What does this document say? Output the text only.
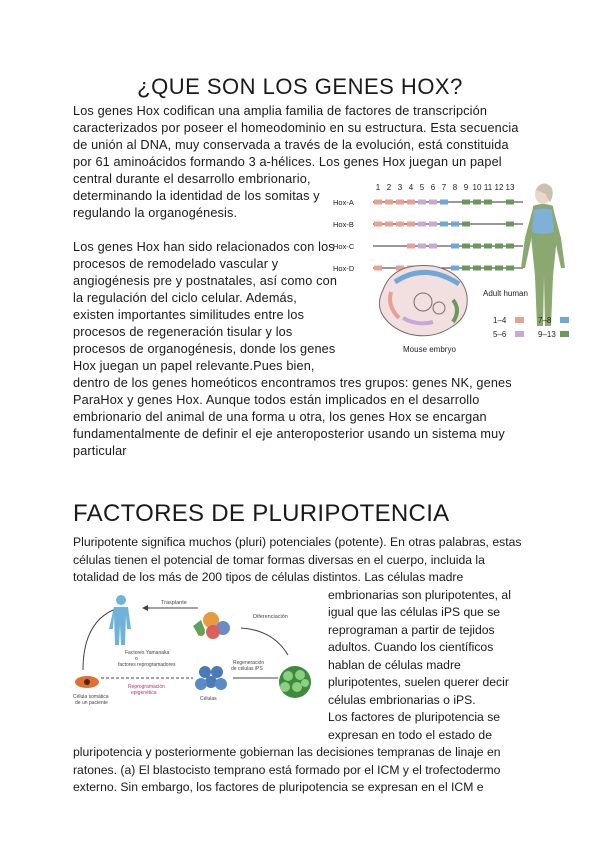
¿QUE SON LOS GENES HOX?
Los genes Hox codifican una amplia familia de factores de transcripción
caracterizados por poseer el homeodominio en su estructura. Esta secuencia
de unión al DNA, muy conservada a través de la evolución, está constituida
por 61 aminoácidos formando 3 a-hélices. Los genes Hox juegan un papel
central durante el desarrollo embrionario,
determinando la identidad de los somitas y
regulando la organogénesis.

Los genes Hox han sido relacionados con los
procesos de remodelado vascular y
angiogénesis pre y postnatales, así como con
la regulación del ciclo celular. Además,
existen importantes similitudes entre los
procesos de regeneración tisular y los
procesos de organogénesis, donde los genes
Hox juegan un papel relevante.Pues bien,
dentro de los genes homeóticos encontramos tres grupos: genes NK, genes
ParaHox y genes Hox. Aunque todos están implicados en el desarrollo
embrionario del animal de una forma u otra, los genes Hox se encargan
fundamentalmente de definir el eje anteroposterior usando un sistema muy
particular
1 2 3 4 5 6 7 8 9 10 11 12 13
Hox-A
Hox-B
Hox-C
Hox-D
Adult human
Mouse embryo
1–4	7–8
5–6	9–13
FACTORES DE PLURIPOTENCIA
Pluripotente significa muchos (pluri) potenciales (potente). En otras palabras, estas
células tienen el potencial de tomar formas diversas en el cuerpo, incluida la
totalidad de los más de 200 tipos de células distintos. Las células madre
embrionarias son pluripotentes, al
igual que las células iPS que se
reprograman a partir de tejidos
adultos. Cuando los científicos
hablan de células madre
pluripotentes, suelen querer decir
células embrionarias o iPS.
Los factores de pluripotencia se
expresan en todo el estado de
pluripotencia y posteriormente gobiernan las decisiones tempranas de linaje en
ratones. (a) El blastocisto temprano está formado por el ICM y el trofectodermo
externo. Sin embargo, los factores de pluripotencia se expresan en el ICM e
Trasplante
Diferenciación
Factores Yamanaka o factores reprogramadores
Reprogramación epigenética
Regeneración de células iPS
Célula somática de un paciente
Células
